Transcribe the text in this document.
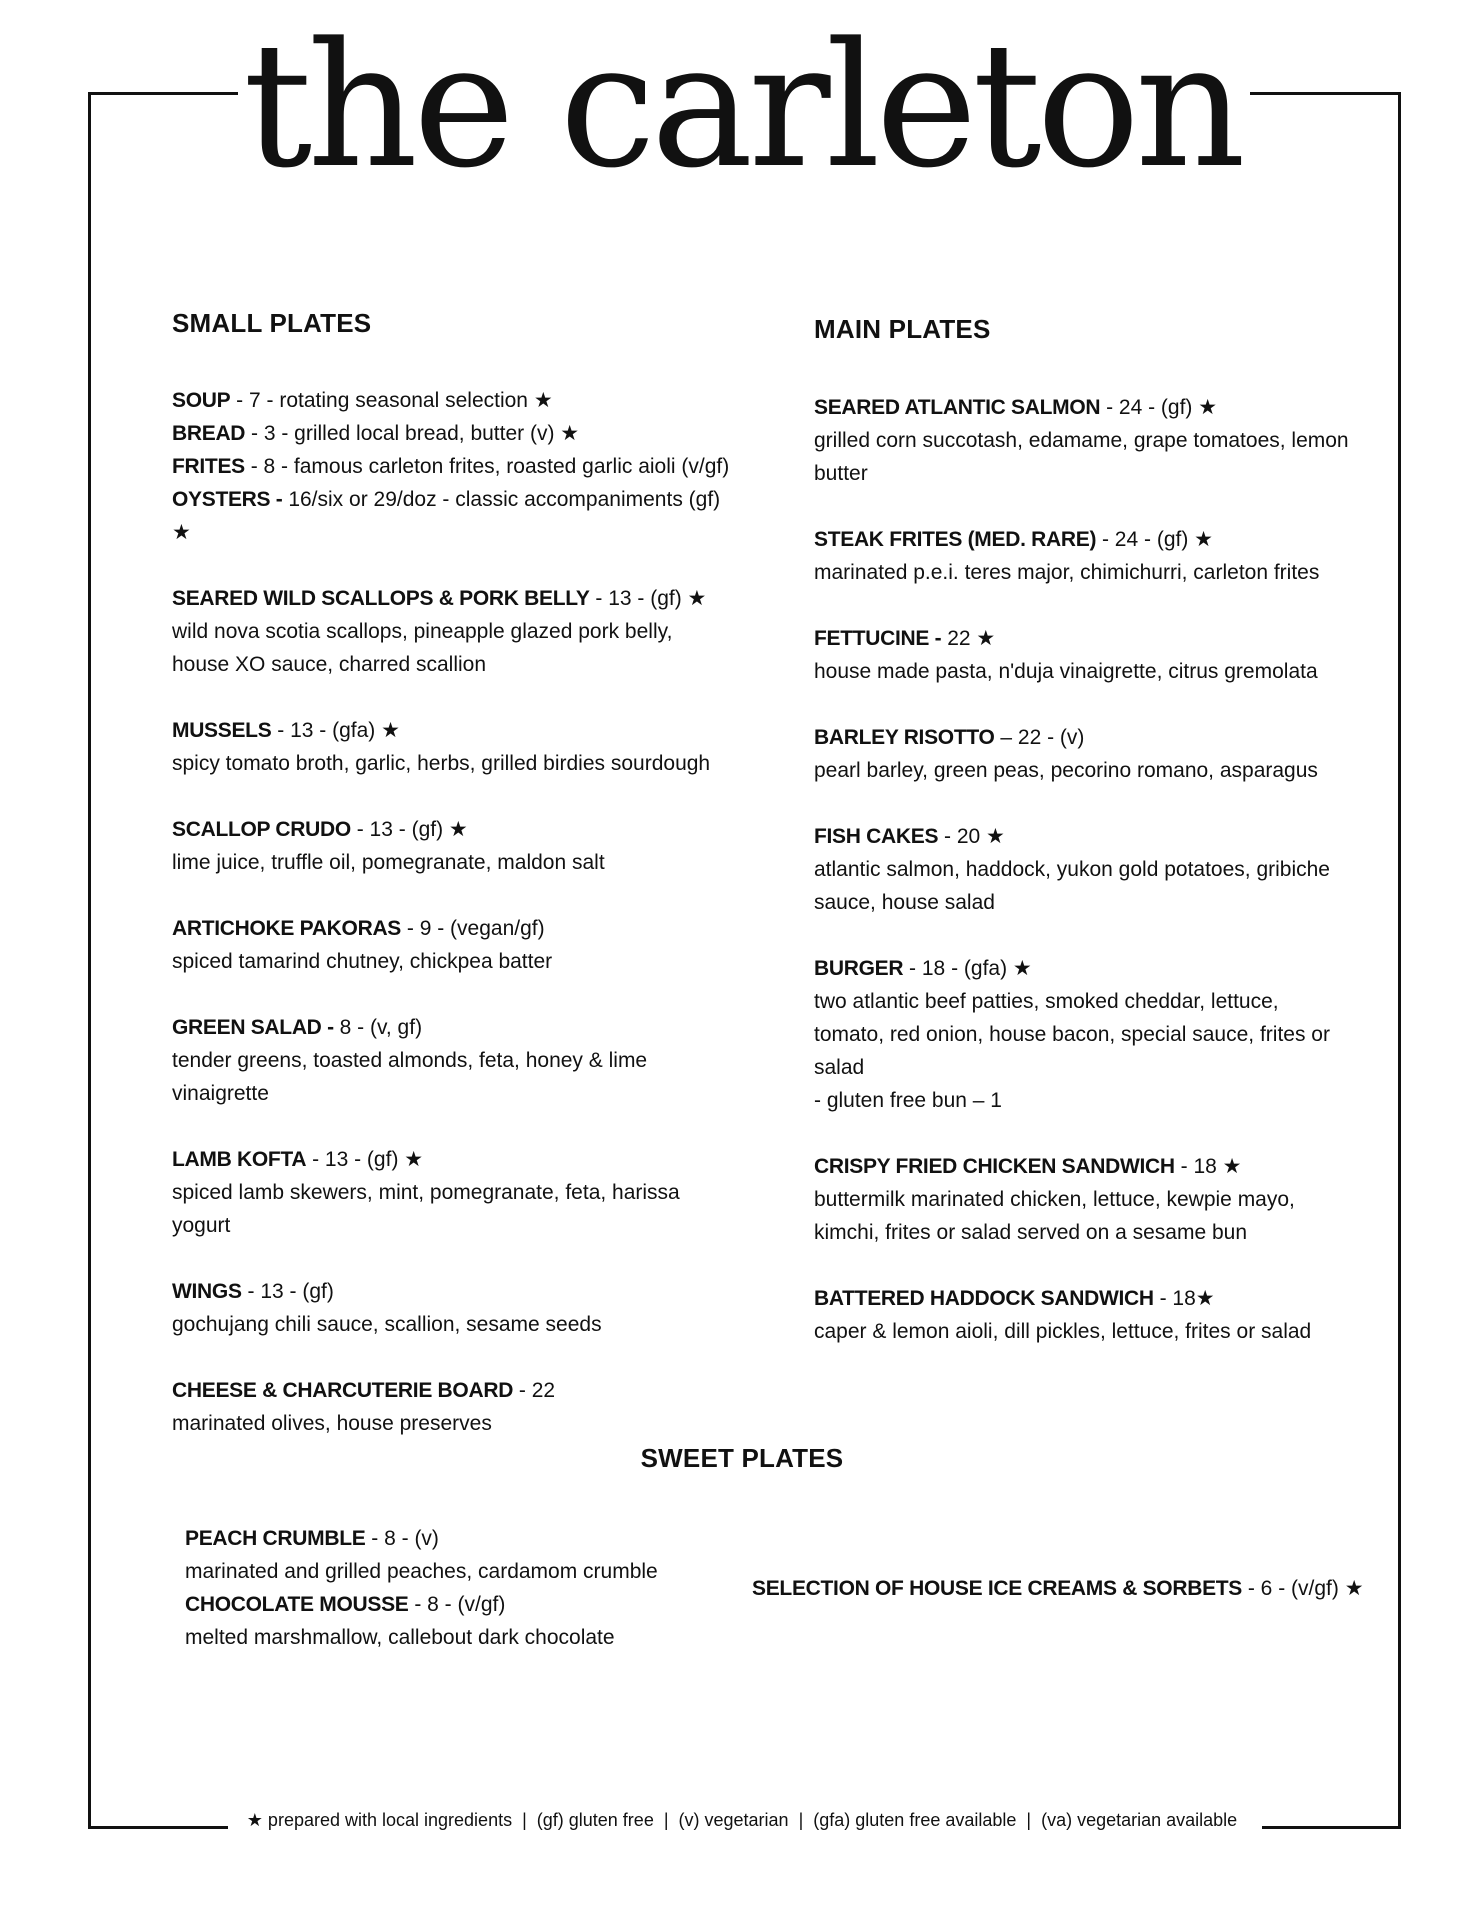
the carleton
SMALL PLATES
SOUP - 7 - rotating seasonal selection ★
BREAD - 3 - grilled local bread, butter (v) ★
FRITES - 8 - famous carleton frites, roasted garlic aioli (v/gf)
OYSTERS - 16/six or 29/doz - classic accompaniments (gf) ★
SEARED WILD SCALLOPS & PORK BELLY - 13 - (gf) ★
wild nova scotia scallops, pineapple glazed pork belly, house XO sauce, charred scallion
MUSSELS - 13 - (gfa) ★
spicy tomato broth, garlic, herbs, grilled birdies sourdough
SCALLOP CRUDO - 13 - (gf) ★
lime juice, truffle oil, pomegranate, maldon salt
ARTICHOKE PAKORAS - 9 - (vegan/gf)
spiced tamarind chutney, chickpea batter
GREEN SALAD - 8 - (v, gf)
tender greens, toasted almonds, feta, honey & lime vinaigrette
LAMB KOFTA - 13 - (gf) ★
spiced lamb skewers, mint, pomegranate, feta, harissa yogurt
WINGS - 13 - (gf)
gochujang chili sauce, scallion, sesame seeds
CHEESE & CHARCUTERIE BOARD - 22
marinated olives, house preserves
MAIN PLATES
SEARED ATLANTIC SALMON - 24 - (gf) ★
grilled corn succotash, edamame, grape tomatoes, lemon butter
STEAK FRITES (MED. RARE) - 24 - (gf) ★
marinated p.e.i. teres major, chimichurri, carleton frites
FETTUCINE - 22 ★
house made pasta, n'duja vinaigrette, citrus gremolata
BARLEY RISOTTO – 22 - (v)
pearl barley, green peas, pecorino romano, asparagus
FISH CAKES - 20 ★
atlantic salmon, haddock, yukon gold potatoes, gribiche sauce, house salad
BURGER - 18 - (gfa) ★
two atlantic beef patties, smoked cheddar, lettuce, tomato, red onion, house bacon, special sauce, frites or salad
- gluten free bun – 1
CRISPY FRIED CHICKEN SANDWICH - 18 ★
buttermilk marinated chicken, lettuce, kewpie mayo, kimchi, frites or salad served on a sesame bun
BATTERED HADDOCK SANDWICH - 18★
caper & lemon aioli, dill pickles, lettuce, frites or salad
SWEET PLATES
PEACH CRUMBLE - 8 - (v)
marinated and grilled peaches, cardamom crumble
CHOCOLATE MOUSSE - 8 - (v/gf)
melted marshmallow, callebout dark chocolate
SELECTION OF HOUSE ICE CREAMS & SORBETS - 6 - (v/gf) ★
★ prepared with local ingredients | (gf) gluten free | (v) vegetarian | (gfa) gluten free available | (va) vegetarian available
